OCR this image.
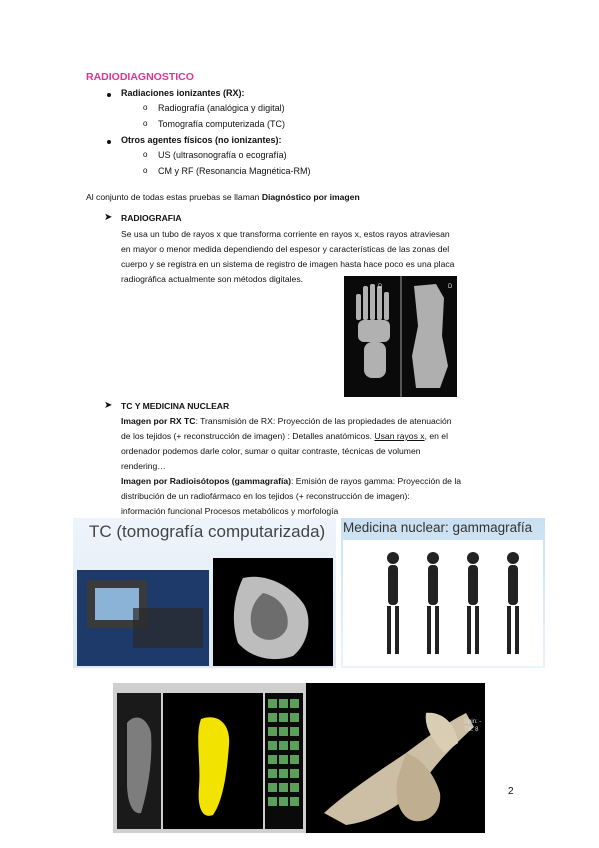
RADIODIAGNOSTICO
Radiaciones ionizantes (RX):
o Radiografía (analógica y digital)
o Tomografía computerizada (TC)
Otros agentes físicos (no ionizantes):
o US (ultrasonografía o ecografía)
o CM y RF (Resonancia Magnética-RM)
Al conjunto de todas estas pruebas se llaman Diagnóstico por imagen
➤ RADIOGRAFIA
Se usa un tubo de rayos x que transforma corriente en rayos x, estos rayos atraviesan
en mayor o menor medida dependiendo del espesor y características de las zonas del
cuerpo y se registra en un sistema de registro de imagen hasta hace poco es una placa
radiográfica actualmente son métodos digitales.
D	D
➤ TC Y MEDICINA NUCLEAR
Imagen por RX TC: Transmisión de RX: Proyección de las propiedades de atenuación
de los tejidos (+ reconstrucción de imagen) : Detalles anatómicos. Usan rayos x, en el
ordenador podemos darle color, sumar o quitar contraste, técnicas de volumen
rendering…
Imagen por Radioisótopos (gammagrafía): Emisión de rayos gamma: Proyección de la
distribución de un radiofármaco en los tejidos (+ reconstrucción de imagen):
información funcional Procesos metabólicos y morfología
TC (tomografía computarizada) Medicina nuclear: gammagrafía
Spin: -
Tilt: 8
2
